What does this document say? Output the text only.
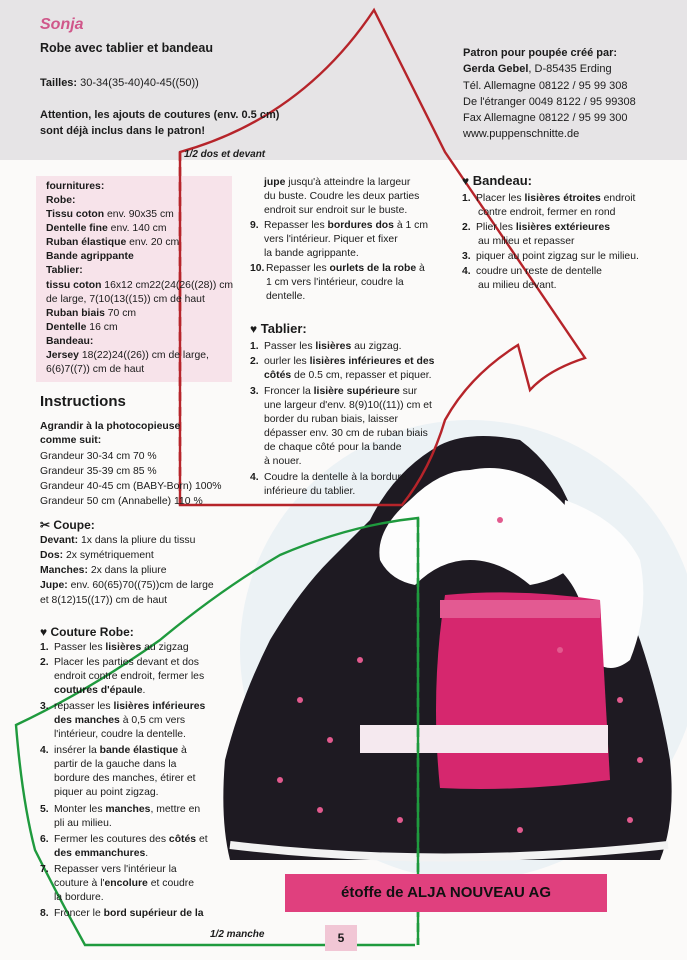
Sonja
Robe avec tablier et bandeau
Tailles: 30-34(35-40)40-45((50))
Attention, les ajouts de coutures (env. 0.5 cm)
sont déjà inclus dans le patron!
Patron pour poupée créé par:
Gerda Gebel, D-85435 Erding
Tél. Allemagne 08122 / 95 99 308
De l'étranger 0049 8122 / 95 99308
Fax Allemagne 08122 / 95 99 300
www.puppenschnitte.de
1/2 dos et devant
fournitures:
Robe:
Tissu coton env. 90x35 cm
Dentelle fine env. 140 cm
Ruban élastique env. 20 cm
Bande agrippante
Tablier:
tissu coton 16x12 cm22(24(26((28)) cm
de large, 7(10(13((15)) cm de haut
Ruban biais 70 cm
Dentelle 16 cm
Bandeau:
Jersey 18(22)24((26)) cm de large,
6(6)7((7)) cm de haut
Instructions
Agrandir à la photocopieuse
comme suit:
Grandeur 30-34 cm 70 %
Grandeur 35-39 cm 85 %
Grandeur 40-45 cm (BABY-Born) 100%
Grandeur 50 cm (Annabelle) 110 %
✂ Coupe:
Devant: 1x dans la pliure du tissu
Dos: 2x symétriquement
Manches: 2x dans la pliure
Jupe: env. 60(65)70((75))cm de large
et 8(12)15((17)) cm de haut
♥ Couture Robe:
1. Passer les lisières au zigzag
2. Placer les parties devant et dos
endroit contre endroit, fermer les
coutures d'épaule.
3. repasser les lisières inférieures
des manches à 0,5 cm vers
l'intérieur, coudre la dentelle.
4. insérer la bande élastique à
partir de la gauche dans la
bordure des manches, étirer et
piquer au point zigzag.
5. Monter les manches, mettre en
pli au milieu.
6. Fermer les coutures des côtés et
des emmanchures.
7. Repasser vers l'intérieur la
couture à l'encolure et coudre
la bordure.
8. Froncer le bord supérieur de la
1/2 manche
jupe jusqu'à atteindre la largeur
du buste. Coudre les deux parties
endroit sur endroit sur le buste.
9. Repasser les bordures dos à 1 cm
vers l'intérieur. Piquer et fixer
la bande agrippante.
10. Repasser les ourlets de la robe à
1 cm vers l'intérieur, coudre la
dentelle.
♥ Tablier:
1. Passer les lisières au zigzag.
2. ourler les lisières inférieures et des
côtés de 0.5 cm, repasser et piquer.
3. Froncer la lisière supérieure sur
une largeur d'env. 8(9)10((11)) cm et
border du ruban biais, laisser
dépasser env. 30 cm de ruban biais
de chaque côté pour la bande
à nouer.
4. Coudre la dentelle à la bordure
inférieure du tablier.
♥ Bandeau:
1. Placer les lisières étroites endroit
contre endroit, fermer en rond
2. Plier les lisières extérieures
au milieu et repasser
3. piquer au point zigzag sur le milieu.
4. coudre un reste de dentelle
au milieu devant.
étoffe de ALJA NOUVEAU AG
5
